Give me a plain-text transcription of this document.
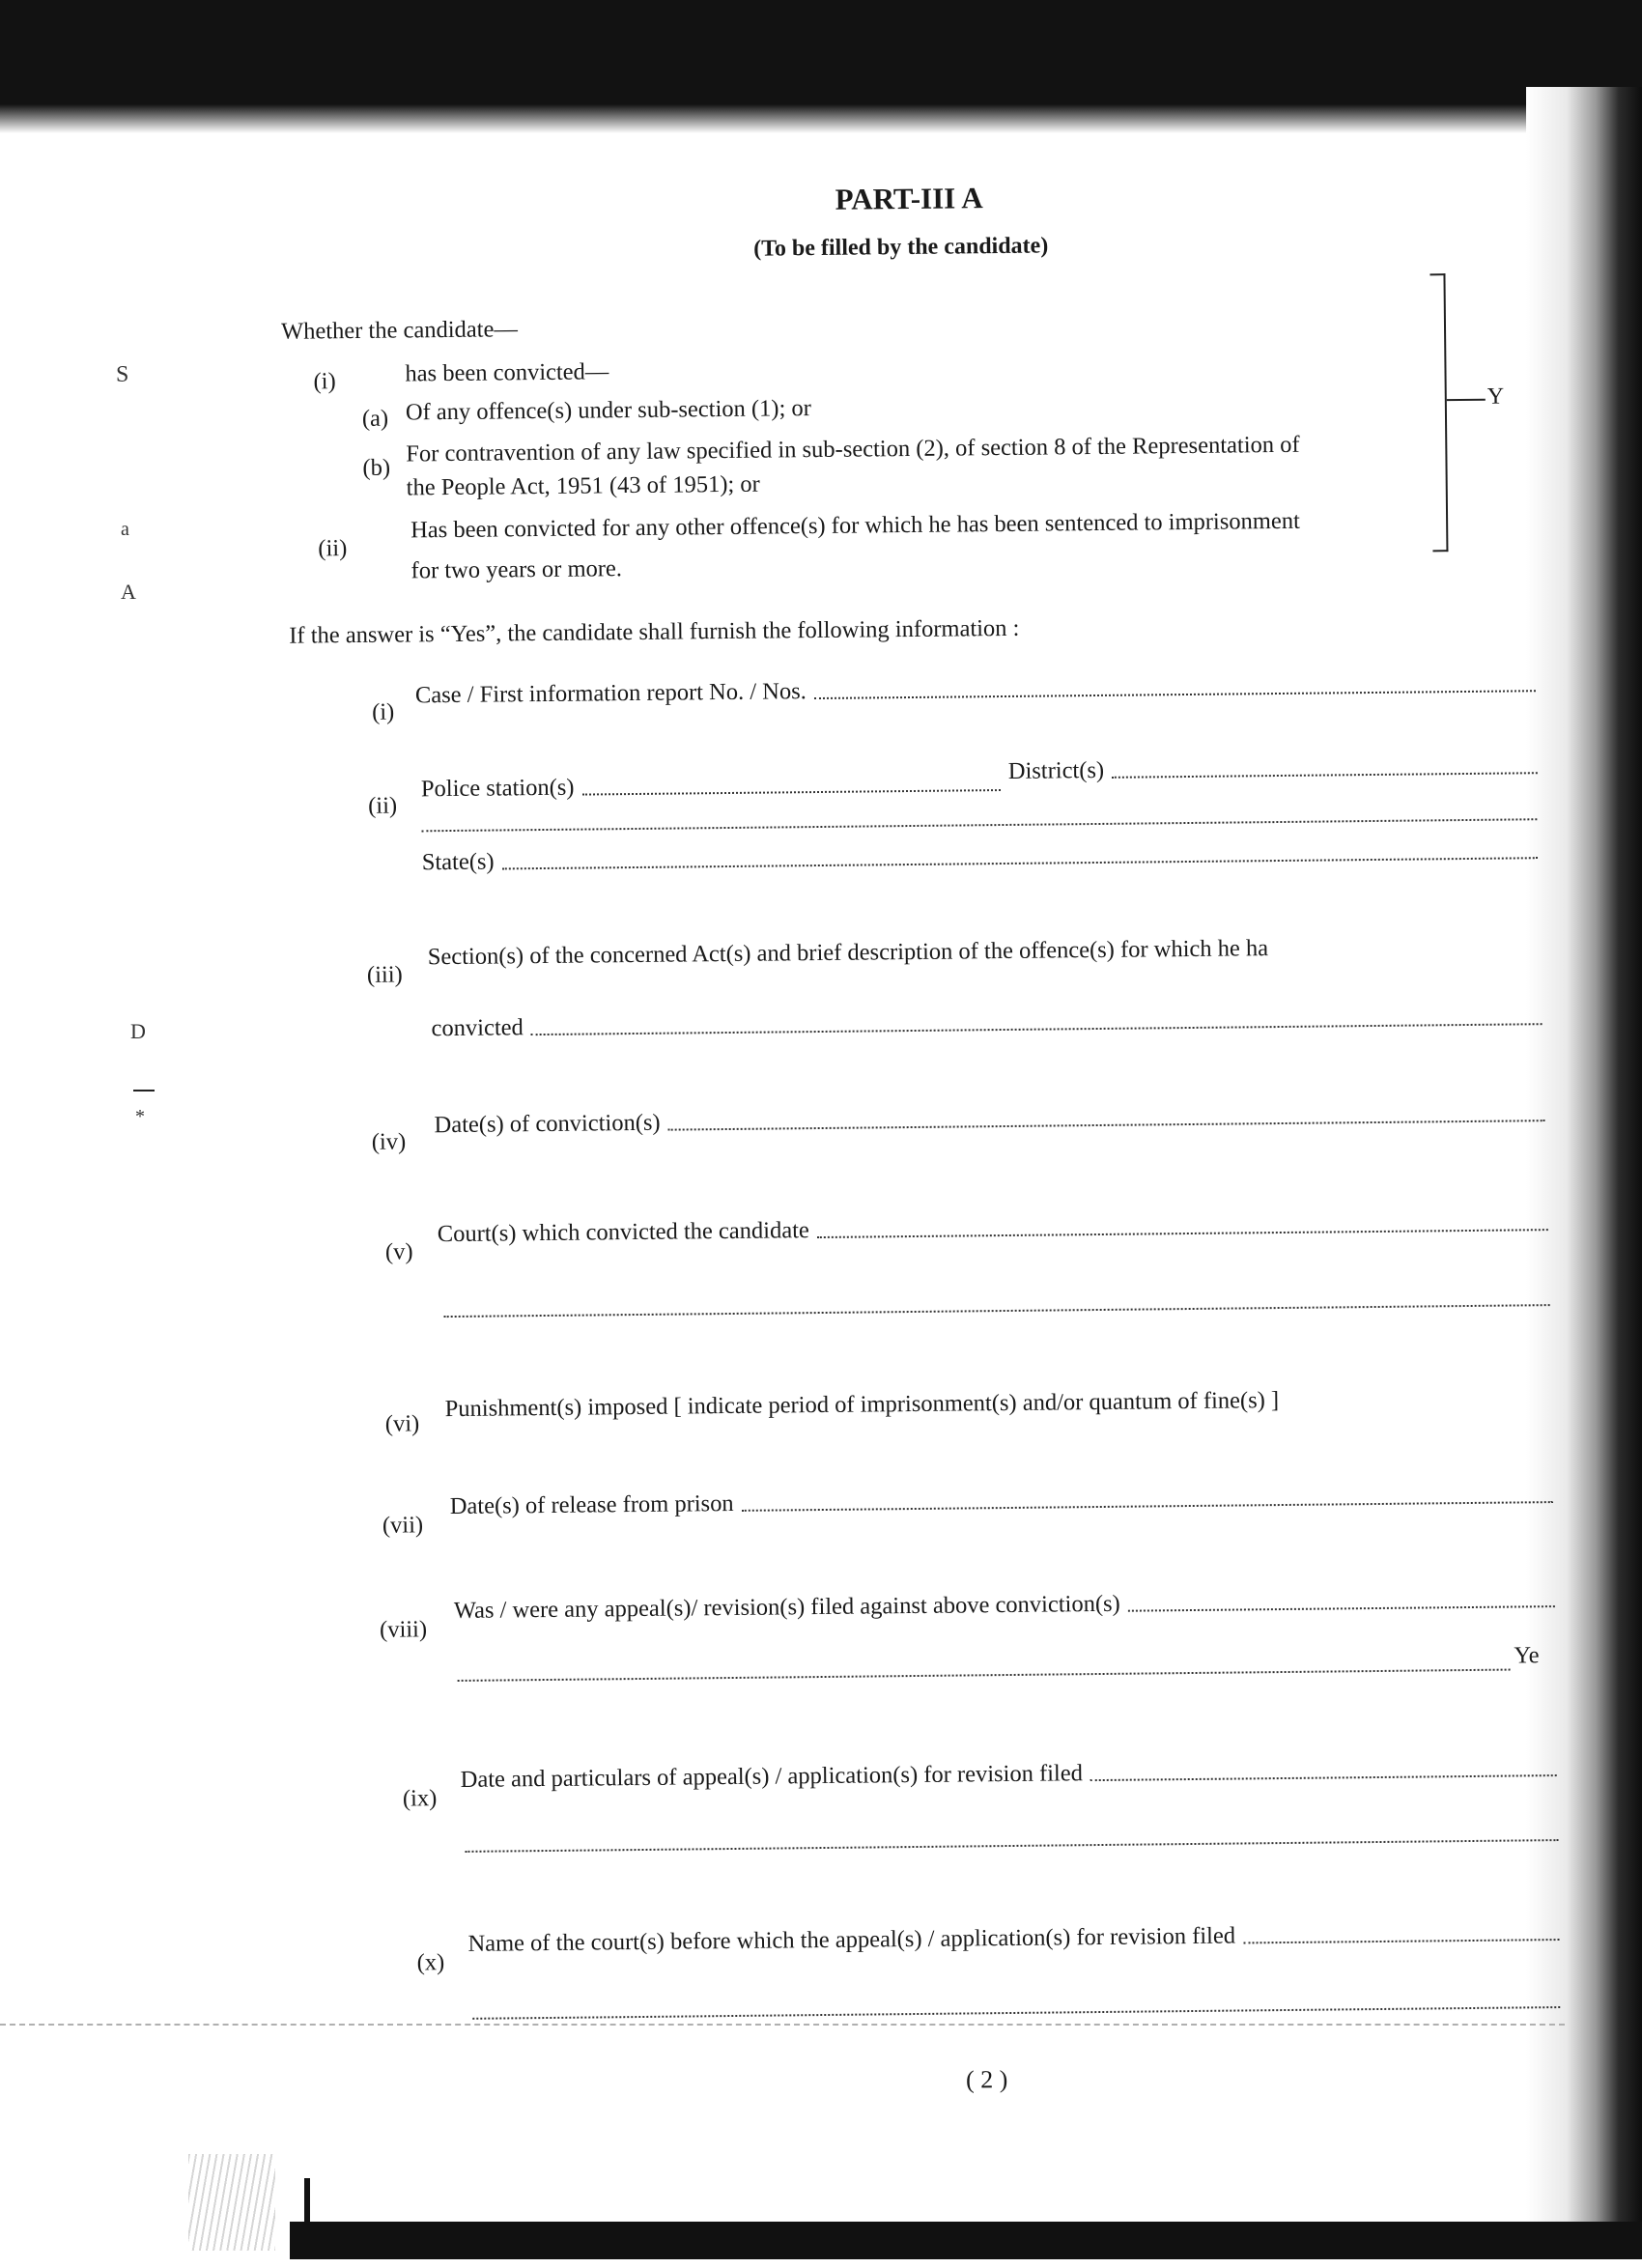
S
a
A
D
*
PART-III A
(To be filled by the candidate)
Whether the candidate—
(i)	has been convicted—
(a) Of any offence(s) under sub-section (1); or
(b)
For contravention of any law specified in sub-section (2), of section 8 of the Representation of
the People Act, 1951 (43 of 1951); or
(ii)
Has been convicted for any other offence(s) for which he has been sentenced to imprisonment
for two years or more.
Y
If the answer is “Yes”, the candidate shall furnish the following information :
(i)
Case / First information report No. / Nos.
(ii)
Police station(s)
District(s)
State(s)
(iii)
Section(s) of the concerned Act(s) and brief description of the offence(s) for which he ha
convicted
(iv)
Date(s) of conviction(s)
(v)
Court(s) which convicted the candidate
(vi)
Punishment(s) imposed [ indicate period of imprisonment(s) and/or quantum of fine(s) ]
(vii)
Date(s) of release from prison
(viii)
Was / were any appeal(s)/ revision(s) filed against above conviction(s)
Ye
(ix)
Date and particulars of appeal(s) / application(s) for revision filed
(x)
Name of the court(s) before which the appeal(s) / application(s) for revision filed
( 2 )
